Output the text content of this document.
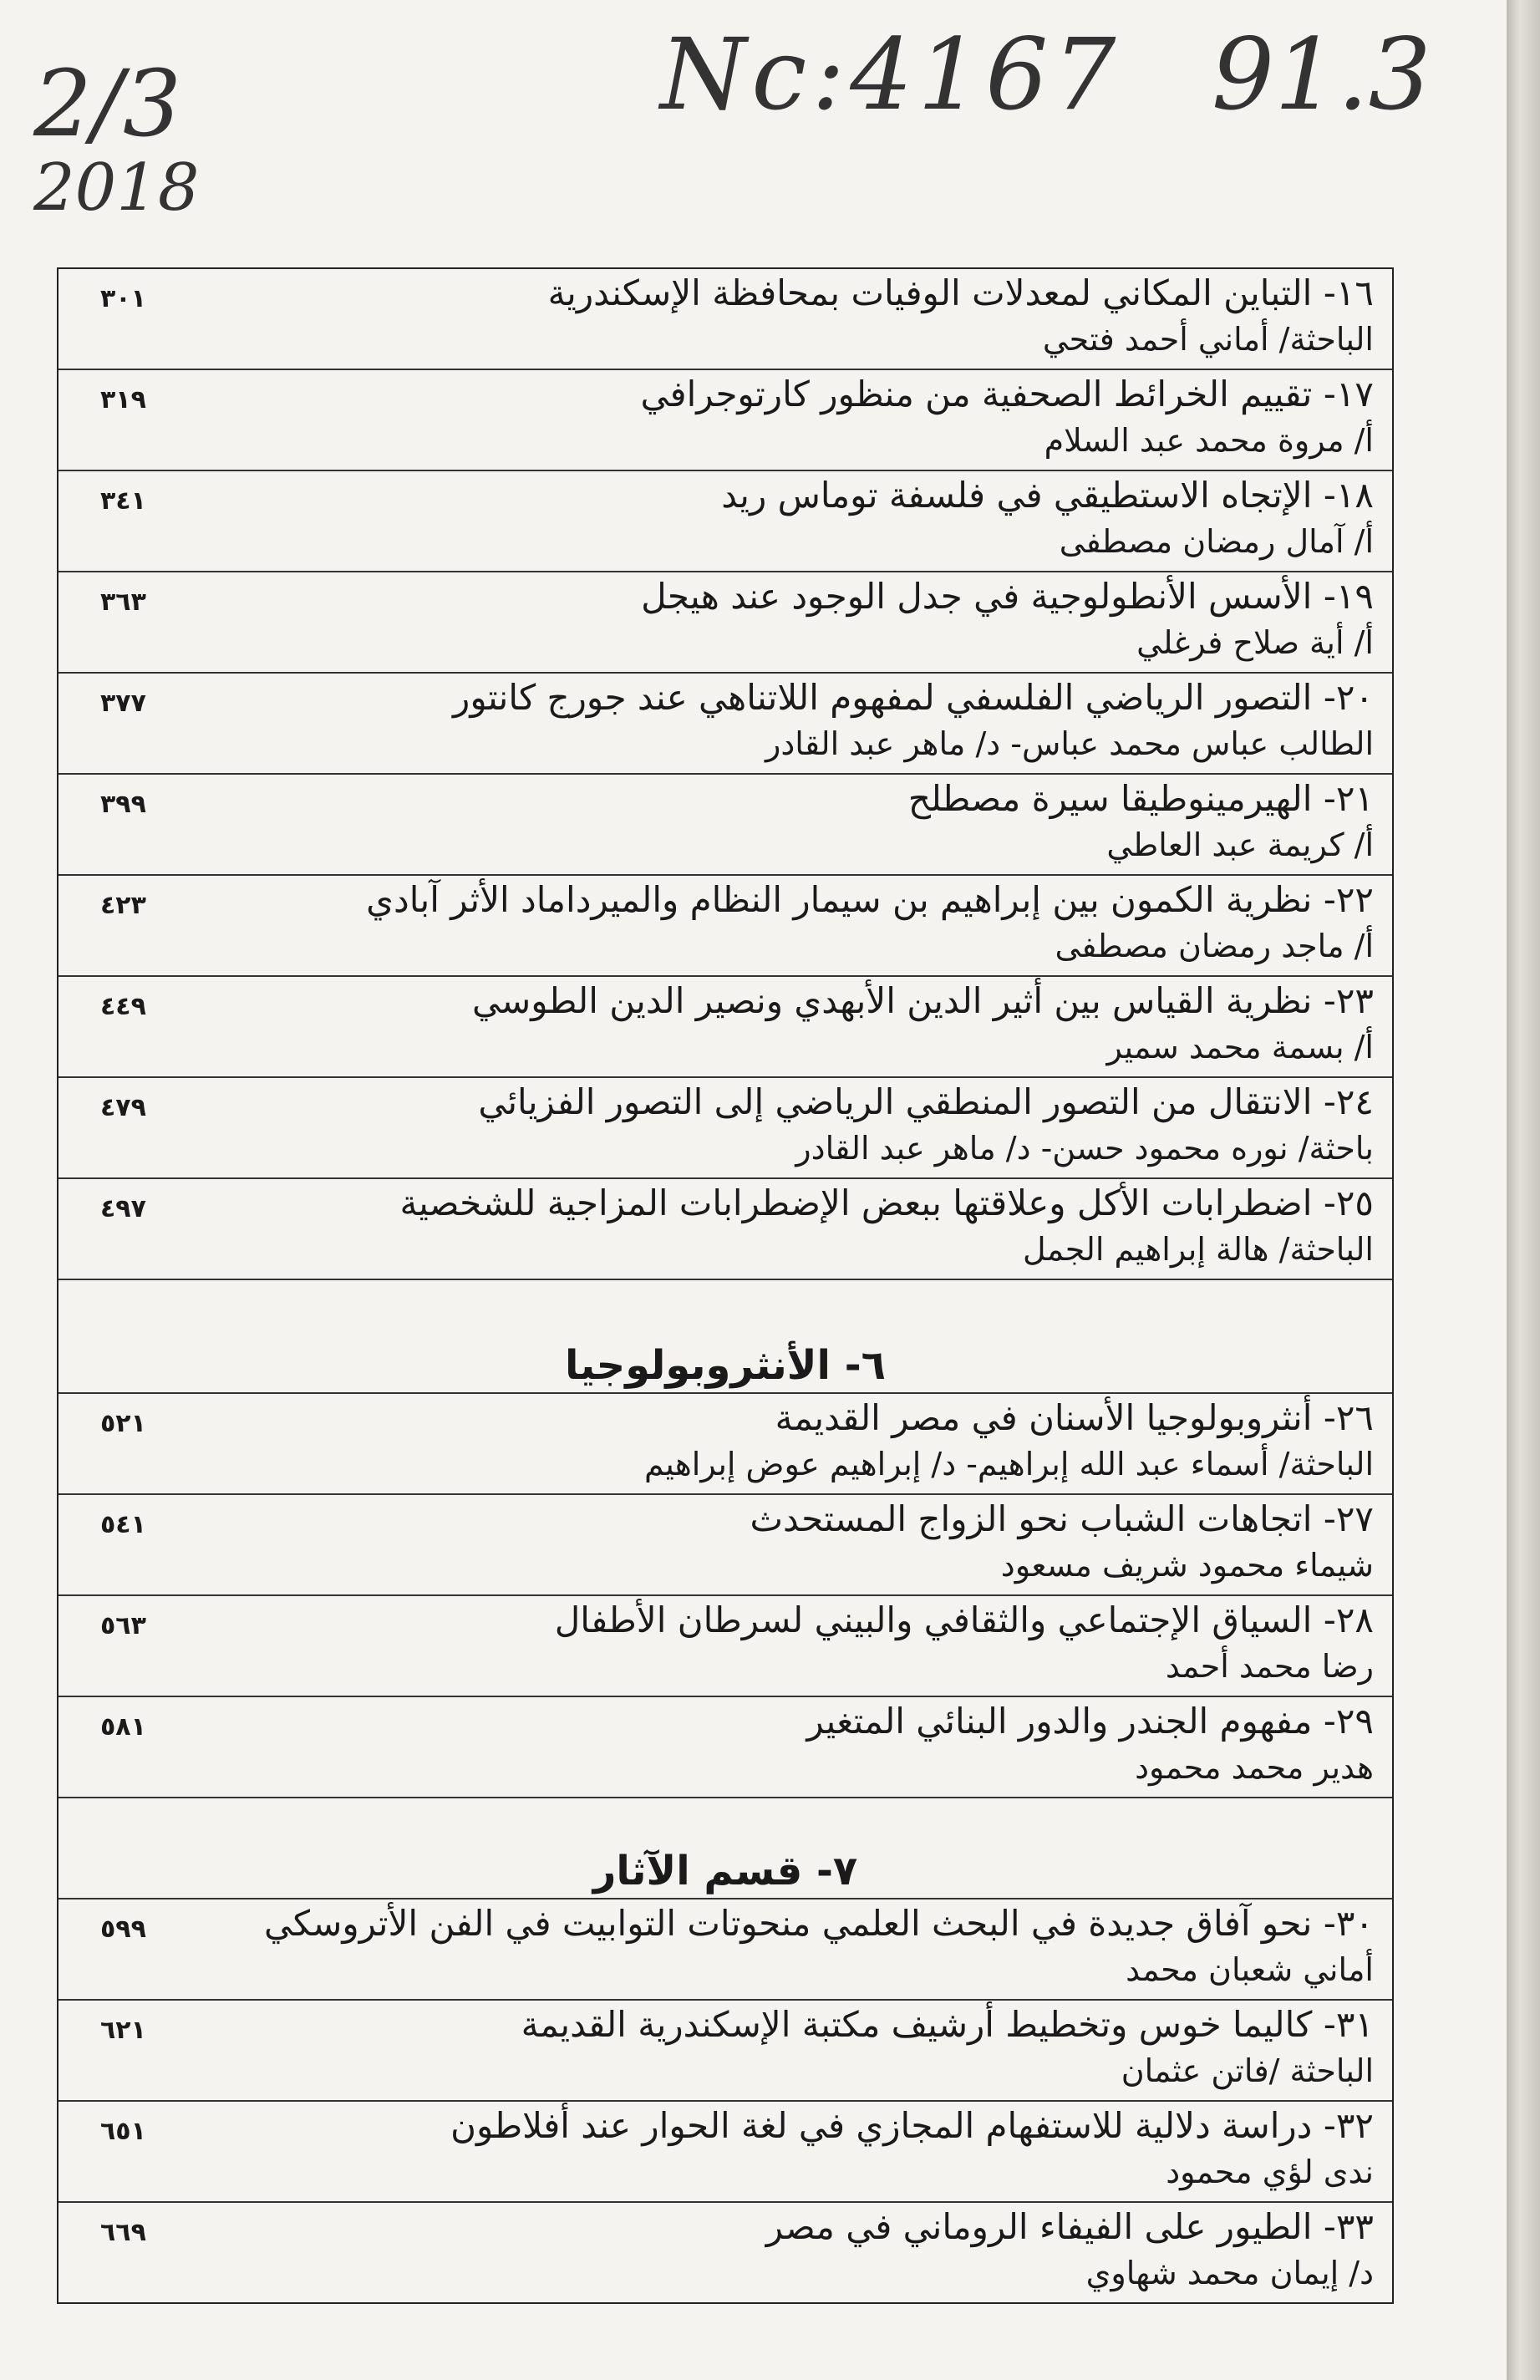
2/3
2018
Nc:4167 91.3
١٦- التباين المكاني لمعدلات الوفيات بمحافظة الإسكندرية
الباحثة/ أماني أحمد فتحي
٣٠١
١٧- تقييم الخرائط الصحفية من منظور كارتوجرافي
أ/ مروة محمد عبد السلام
٣١٩
١٨- الإتجاه الاستطيقي في فلسفة توماس ريد
أ/ آمال رمضان مصطفى
٣٤١
١٩- الأسس الأنطولوجية في جدل الوجود عند هيجل
أ/ أية صلاح فرغلي
٣٦٣
٢٠- التصور الرياضي الفلسفي لمفهوم اللاتناهي عند جورج كانتور
الطالب عباس محمد عباس- د/ ماهر عبد القادر
٣٧٧
٢١- الهيرمينوطيقا سيرة مصطلح
أ/ كريمة عبد العاطي
٣٩٩
٢٢- نظرية الكمون بين إبراهيم بن سيمار النظام والميرداماد الأثر آبادي
أ/ ماجد رمضان مصطفى
٤٢٣
٢٣- نظرية القياس بين أثير الدين الأبهدي ونصير الدين الطوسي
أ/ بسمة محمد سمير
٤٤٩
٢٤- الانتقال من التصور المنطقي الرياضي إلى التصور الفزيائي
باحثة/ نوره محمود حسن- د/ ماهر عبد القادر
٤٧٩
٢٥- اضطرابات الأكل وعلاقتها ببعض الإضطرابات المزاجية للشخصية
الباحثة/ هالة إبراهيم الجمل
٤٩٧
٦- الأنثروبولوجيا
٢٦- أنثروبولوجيا الأسنان في مصر القديمة
الباحثة/ أسماء عبد الله إبراهيم- د/ إبراهيم عوض إبراهيم
٥٢١
٢٧- اتجاهات الشباب نحو الزواج المستحدث
شيماء محمود شريف مسعود
٥٤١
٢٨- السياق الإجتماعي والثقافي والبيني لسرطان الأطفال
رضا محمد أحمد
٥٦٣
٢٩- مفهوم الجندر والدور البنائي المتغير
هدير محمد محمود
٥٨١
٧- قسم الآثار
٣٠- نحو آفاق جديدة في البحث العلمي منحوتات التوابيت في الفن الأتروسكي
أماني شعبان محمد
٥٩٩
٣١- كاليما خوس وتخطيط أرشيف مكتبة الإسكندرية القديمة
الباحثة /فاتن عثمان
٦٢١
٣٢- دراسة دلالية للاستفهام المجازي في لغة الحوار عند أفلاطون
ندى لؤي محمود
٦٥١
٣٣- الطيور على الفيفاء الروماني في مصر
د/ إيمان محمد شهاوي
٦٦٩
